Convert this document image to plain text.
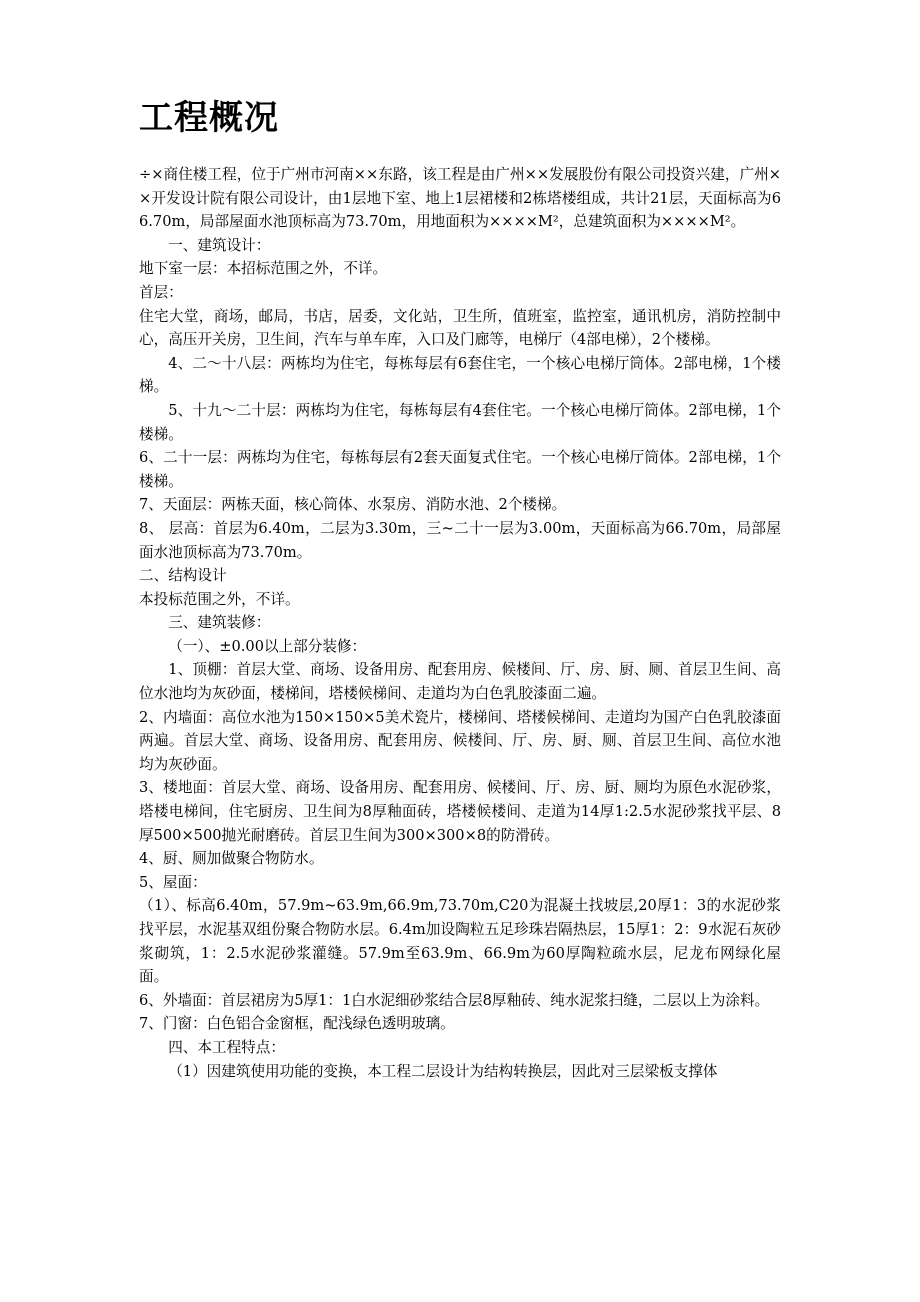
工程概况

÷×商住楼工程，位于广州市河南××东路，该工程是由广州××发展股份有限公司投资兴建，广州××开发设计院有限公司设计，由1层地下室、地上1层裙楼和2栋塔楼组成，共计21层，天面标高为66.70m，局部屋面水池顶标高为73.70m，用地面积为××××M²，总建筑面积为××××M²。

一、建筑设计：

地下室一层：本招标范围之外，不详。

首层：

住宅大堂，商场，邮局，书店，居委，文化站，卫生所，值班室，监控室，通讯机房，消防控制中心，高压开关房，卫生间，汽车与单车库，入口及门廊等，电梯厅（4部电梯），2个楼梯。

4、二～十八层：两栋均为住宅，每栋每层有6套住宅，一个核心电梯厅筒体。2部电梯，1个楼梯。

5、十九～二十层：两栋均为住宅，每栋每层有4套住宅。一个核心电梯厅筒体。2部电梯，1个楼梯。

6、二十一层：两栋均为住宅，每栋每层有2套天面复式住宅。一个核心电梯厅筒体。2部电梯，1个楼梯。

7、天面层：两栋天面，核心筒体、水泵房、消防水池、2个楼梯。

8、 层高：首层为6.40m，二层为3.30m，三~二十一层为3.00m，天面标高为66.70m，局部屋面水池顶标高为73.70m。

二、结构设计

本投标范围之外，不详。

三、建筑装修：

（一）、±0.00以上部分装修：

1、顶棚：首层大堂、商场、设备用房、配套用房、候楼间、厅、房、厨、厕、首层卫生间、高位水池均为灰砂面，楼梯间，塔楼候梯间、走道均为白色乳胶漆面二遍。

2、内墙面：高位水池为150×150×5美术瓷片，楼梯间、塔楼候梯间、走道均为国产白色乳胶漆面两遍。首层大堂、商场、设备用房、配套用房、候楼间、厅、房、厨、厕、首层卫生间、高位水池均为灰砂面。

3、楼地面：首层大堂、商场、设备用房、配套用房、候楼间、厅、房、厨、厕均为原色水泥砂浆，塔楼电梯间，住宅厨房、卫生间为8厚釉面砖，塔楼候楼间、走道为14厚1:2.5水泥砂浆找平层、8厚500×500抛光耐磨砖。首层卫生间为300×300×8的防滑砖。

4、厨、厕加做聚合物防水。

5、屋面：

（1）、标高6.40m，57.9m~63.9m,66.9m,73.70m,C20为混凝土找坡层,20厚1：3的水泥砂浆找平层，水泥基双组份聚合物防水层。6.4m加设陶粒五足珍珠岩隔热层，15厚1：2：9水泥石灰砂浆砌筑，1：2.5水泥砂浆灌缝。57.9m至63.9m、66.9m为60厚陶粒疏水层，尼龙布网绿化屋面。

6、外墙面：首层裙房为5厚1：1白水泥细砂浆结合层8厚釉砖、纯水泥浆扫缝，二层以上为涂料。

7、门窗：白色铝合金窗框，配浅绿色透明玻璃。

四、本工程特点：

（1）因建筑使用功能的变换，本工程二层设计为结构转换层，因此对三层梁板支撑体
